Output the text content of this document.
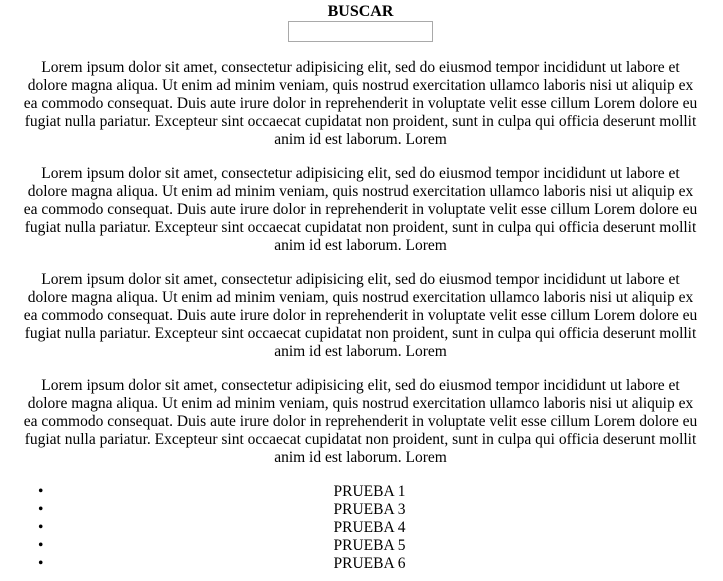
BUSCAR

Lorem ipsum dolor sit amet, consectetur adipisicing elit, sed do eiusmod tempor incididunt ut labore et dolore magna aliqua. Ut enim ad minim veniam, quis nostrud exercitation ullamco laboris nisi ut aliquip ex ea commodo consequat. Duis aute irure dolor in reprehenderit in voluptate velit esse cillum Lorem dolore eu fugiat nulla pariatur. Excepteur sint occaecat cupidatat non proident, sunt in culpa qui officia deserunt mollit anim id est laborum. Lorem

Lorem ipsum dolor sit amet, consectetur adipisicing elit, sed do eiusmod tempor incididunt ut labore et dolore magna aliqua. Ut enim ad minim veniam, quis nostrud exercitation ullamco laboris nisi ut aliquip ex ea commodo consequat. Duis aute irure dolor in reprehenderit in voluptate velit esse cillum Lorem dolore eu fugiat nulla pariatur. Excepteur sint occaecat cupidatat non proident, sunt in culpa qui officia deserunt mollit anim id est laborum. Lorem

Lorem ipsum dolor sit amet, consectetur adipisicing elit, sed do eiusmod tempor incididunt ut labore et dolore magna aliqua. Ut enim ad minim veniam, quis nostrud exercitation ullamco laboris nisi ut aliquip ex ea commodo consequat. Duis aute irure dolor in reprehenderit in voluptate velit esse cillum Lorem dolore eu fugiat nulla pariatur. Excepteur sint occaecat cupidatat non proident, sunt in culpa qui officia deserunt mollit anim id est laborum. Lorem

Lorem ipsum dolor sit amet, consectetur adipisicing elit, sed do eiusmod tempor incididunt ut labore et dolore magna aliqua. Ut enim ad minim veniam, quis nostrud exercitation ullamco laboris nisi ut aliquip ex ea commodo consequat. Duis aute irure dolor in reprehenderit in voluptate velit esse cillum Lorem dolore eu fugiat nulla pariatur. Excepteur sint occaecat cupidatat non proident, sunt in culpa qui officia deserunt mollit anim id est laborum. Lorem

•	PRUEBA 1
•	PRUEBA 3
•	PRUEBA 4
•	PRUEBA 5
•	PRUEBA 6
